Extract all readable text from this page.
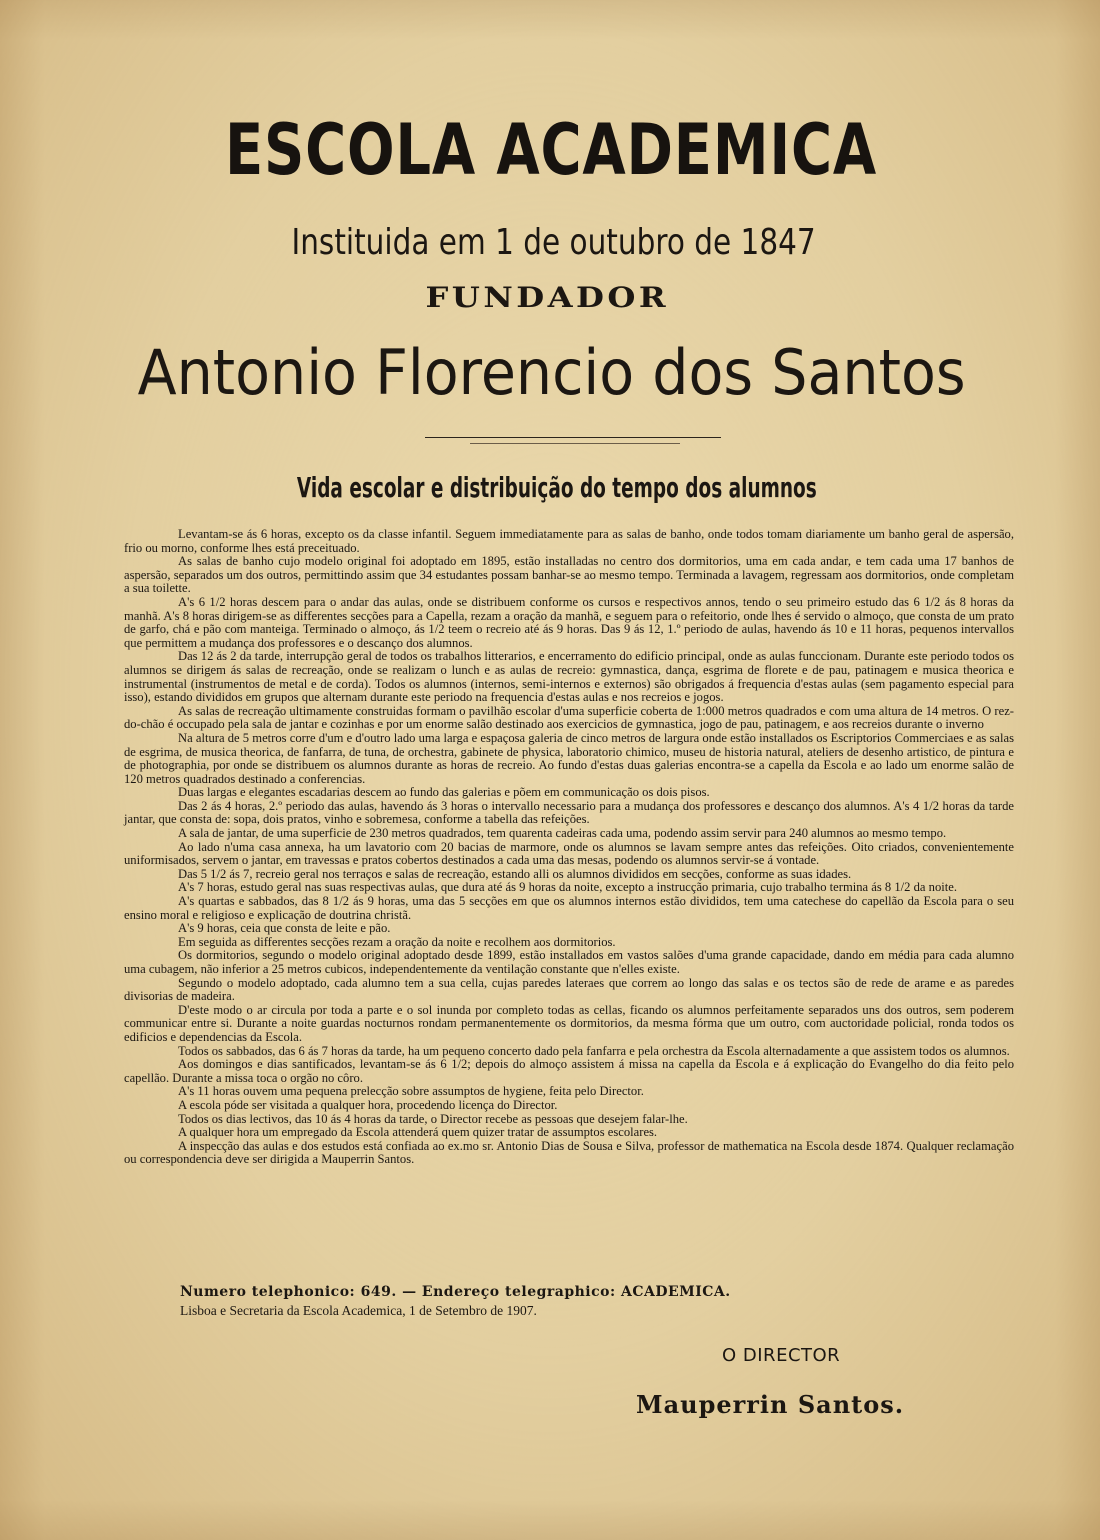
ESCOLA ACADEMICA
Instituida em 1 de outubro de 1847
FUNDADOR
Antonio Florencio dos Santos
Vida escolar e distribuição do tempo dos alumnos

Levantam-se ás 6 horas, excepto os da classe infantil. Seguem immediatamente para as salas de banho, onde todos tomam diariamente um banho geral de aspersão, frio ou morno, conforme lhes está preceituado.

As salas de banho cujo modelo original foi adoptado em 1895, estão installadas no centro dos dormitorios, uma em cada andar, e tem cada uma 17 banhos de aspersão, separados um dos outros, permittindo assim que 34 estudantes possam banhar-se ao mesmo tempo. Terminada a lavagem, regressam aos dormitorios, onde completam a sua toilette.

A's 6 1/2 horas descem para o andar das aulas, onde se distribuem conforme os cursos e respectivos annos, tendo o seu primeiro estudo das 6 1/2 ás 8 horas da manhã. A's 8 horas dirigem-se as differentes secções para a Capella, rezam a oração da manhã, e seguem para o refeitorio, onde lhes é servido o almoço, que consta de um prato de garfo, chá e pão com manteiga. Terminado o almoço, ás 1/2 teem o recreio até ás 9 horas. Das 9 ás 12, 1.º periodo de aulas, havendo ás 10 e 11 horas, pequenos intervallos que permittem a mudança dos professores e o descanço dos alumnos.

Das 12 ás 2 da tarde, interrupção geral de todos os trabalhos litterarios, e encerramento do edificio principal, onde as aulas funccionam. Durante este periodo todos os alumnos se dirigem ás salas de recreação, onde se realizam o lunch e as aulas de recreio: gymnastica, dança, esgrima de florete e de pau, patinagem e musica theorica e instrumental (instrumentos de metal e de corda). Todos os alumnos (internos, semi-internos e externos) são obrigados á frequencia d'estas aulas (sem pagamento especial para isso), estando divididos em grupos que alternam durante este periodo na frequencia d'estas aulas e nos recreios e jogos.

As salas de recreação ultimamente construidas formam o pavilhão escolar d'uma superficie coberta de 1:000 metros quadrados e com uma altura de 14 metros. O rez-do-chão é occupado pela sala de jantar e cozinhas e por um enorme salão destinado aos exercicios de gymnastica, jogo de pau, patinagem, e aos recreios durante o inverno

Na altura de 5 metros corre d'um e d'outro lado uma larga e espaçosa galeria de cinco metros de largura onde estão installados os Escriptorios Commerciaes e as salas de esgrima, de musica theorica, de fanfarra, de tuna, de orchestra, gabinete de physica, laboratorio chimico, museu de historia natural, ateliers de desenho artistico, de pintura e de photographia, por onde se distribuem os alumnos durante as horas de recreio. Ao fundo d'estas duas galerias encontra-se a capella da Escola e ao lado um enorme salão de 120 metros quadrados destinado a conferencias.

Duas largas e elegantes escadarias descem ao fundo das galerias e põem em communicação os dois pisos.

Das 2 ás 4 horas, 2.º periodo das aulas, havendo ás 3 horas o intervallo necessario para a mudança dos professores e descanço dos alumnos. A's 4 1/2 horas da tarde jantar, que consta de: sopa, dois pratos, vinho e sobremesa, conforme a tabella das refeições.

A sala de jantar, de uma superficie de 230 metros quadrados, tem quarenta cadeiras cada uma, podendo assim servir para 240 alumnos ao mesmo tempo.

Ao lado n'uma casa annexa, ha um lavatorio com 20 bacias de marmore, onde os alumnos se lavam sempre antes das refeições. Oito criados, convenientemente uniformisados, servem o jantar, em travessas e pratos cobertos destinados a cada uma das mesas, podendo os alumnos servir-se á vontade.

Das 5 1/2 ás 7, recreio geral nos terraços e salas de recreação, estando alli os alumnos divididos em secções, conforme as suas idades.

A's 7 horas, estudo geral nas suas respectivas aulas, que dura até ás 9 horas da noite, excepto a instrucção primaria, cujo trabalho termina ás 8 1/2 da noite.

A's quartas e sabbados, das 8 1/2 ás 9 horas, uma das 5 secções em que os alumnos internos estão divididos, tem uma catechese do capellão da Escola para o seu ensino moral e religioso e explicação de doutrina christã.

A's 9 horas, ceia que consta de leite e pão.

Em seguida as differentes secções rezam a oração da noite e recolhem aos dormitorios.

Os dormitorios, segundo o modelo original adoptado desde 1899, estão installados em vastos salões d'uma grande capacidade, dando em média para cada alumno uma cubagem, não inferior a 25 metros cubicos, independentemente da ventilação constante que n'elles existe.

Segundo o modelo adoptado, cada alumno tem a sua cella, cujas paredes lateraes que correm ao longo das salas e os tectos são de rede de arame e as paredes divisorias de madeira.

D'este modo o ar circula por toda a parte e o sol inunda por completo todas as cellas, ficando os alumnos perfeitamente separados uns dos outros, sem poderem communicar entre si. Durante a noite guardas nocturnos rondam permanentemente os dormitorios, da mesma fórma que um outro, com auctoridade policial, ronda todos os edificios e dependencias da Escola.

Todos os sabbados, das 6 ás 7 horas da tarde, ha um pequeno concerto dado pela fanfarra e pela orchestra da Escola alternadamente a que assistem todos os alumnos.

Aos domingos e dias santificados, levantam-se ás 6 1/2; depois do almoço assistem á missa na capella da Escola e á explicação do Evangelho do dia feito pelo capellão. Durante a missa toca o orgão no côro.

A's 11 horas ouvem uma pequena prelecção sobre assumptos de hygiene, feita pelo Director.

A escola póde ser visitada a qualquer hora, procedendo licença do Director.

Todos os dias lectivos, das 10 ás 4 horas da tarde, o Director recebe as pessoas que desejem falar-lhe.

A qualquer hora um empregado da Escola attenderá quem quizer tratar de assumptos escolares.

A inspecção das aulas e dos estudos está confiada ao ex.mo sr. Antonio Dias de Sousa e Silva, professor de mathematica na Escola desde 1874. Qualquer reclamação ou correspondencia deve ser dirigida a Mauperrin Santos.

Numero telephonico: 649. — Endereço telegraphico: ACADEMICA.
Lisboa e Secretaria da Escola Academica, 1 de Setembro de 1907.
O DIRECTOR
Mauperrin Santos.
